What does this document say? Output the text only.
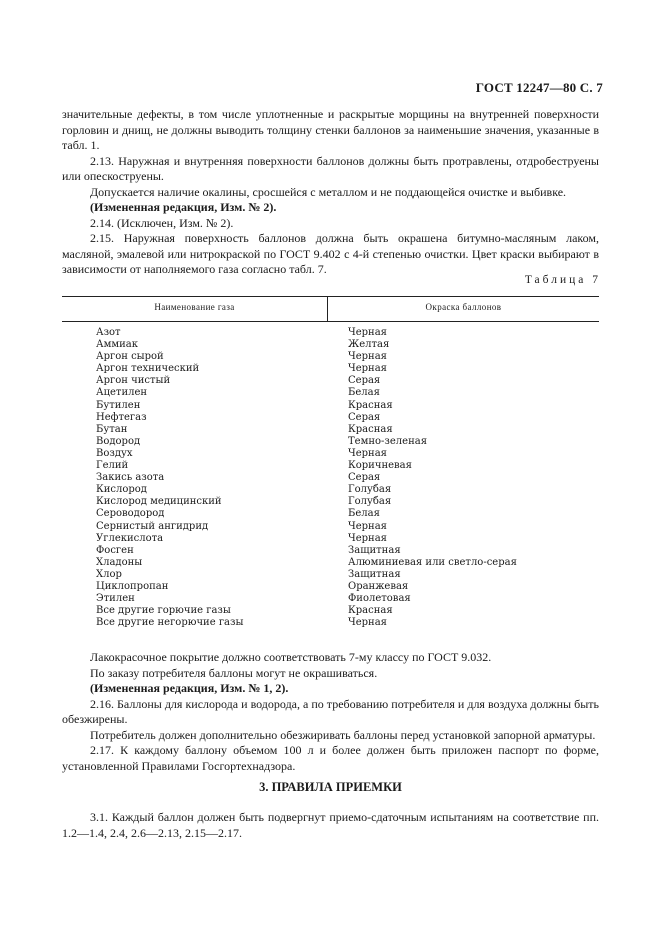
ГОСТ 12247—80 С. 7

значительные дефекты, в том числе уплотненные и раскрытые морщины на внутренней поверхности горловин и днищ, не должны выводить толщину стенки баллонов за наименьшие значения, указанные в табл. 1.

2.13. Наружная и внутренняя поверхности баллонов должны быть протравлены, отдробеструены или опескоструены.

Допускается наличие окалины, сросшейся с металлом и не поддающейся очистке и выбивке.

(Измененная редакция, Изм. № 2).

2.14. (Исключен, Изм. № 2).

2.15. Наружная поверхность баллонов должна быть окрашена битумно-масляным лаком, масляной, эмалевой или нитрокраской по ГОСТ 9.402 с 4-й степенью очистки. Цвет краски выбирают в зависимости от наполняемого газа согласно табл. 7.

Таблица 7
Наименование газа	Окраска баллонов
Азот	Черная
Аммиак	Желтая
Аргон сырой	Черная
Аргон технический	Черная
Аргон чистый	Серая
Ацетилен	Белая
Бутилен	Красная
Нефтегаз	Серая
Бутан	Красная
Водород	Темно-зеленая
Воздух	Черная
Гелий	Коричневая
Закись азота	Серая
Кислород	Голубая
Кислород медицинский	Голубая
Сероводород	Белая
Сернистый ангидрид	Черная
Углекислота	Черная
Фосген	Защитная
Хладоны	Алюминиевая или светло-серая
Хлор	Защитная
Циклопропан	Оранжевая
Этилен	Фиолетовая
Все другие горючие газы	Красная
Все другие негорючие газы	Черная

Лакокрасочное покрытие должно соответствовать 7-му классу по ГОСТ 9.032.

По заказу потребителя баллоны могут не окрашиваться.

(Измененная редакция, Изм. № 1, 2).

2.16. Баллоны для кислорода и водорода, а по требованию потребителя и для воздуха должны быть обезжирены.

Потребитель должен дополнительно обезжиривать баллоны перед установкой запорной арматуры.

2.17. К каждому баллону объемом 100 л и более должен быть приложен паспорт по форме, установленной Правилами Госгортехнадзора.

3. ПРАВИЛА ПРИЕМКИ

3.1. Каждый баллон должен быть подвергнут приемо-сдаточным испытаниям на соответствие пп. 1.2—1.4, 2.4, 2.6—2.13, 2.15—2.17.
